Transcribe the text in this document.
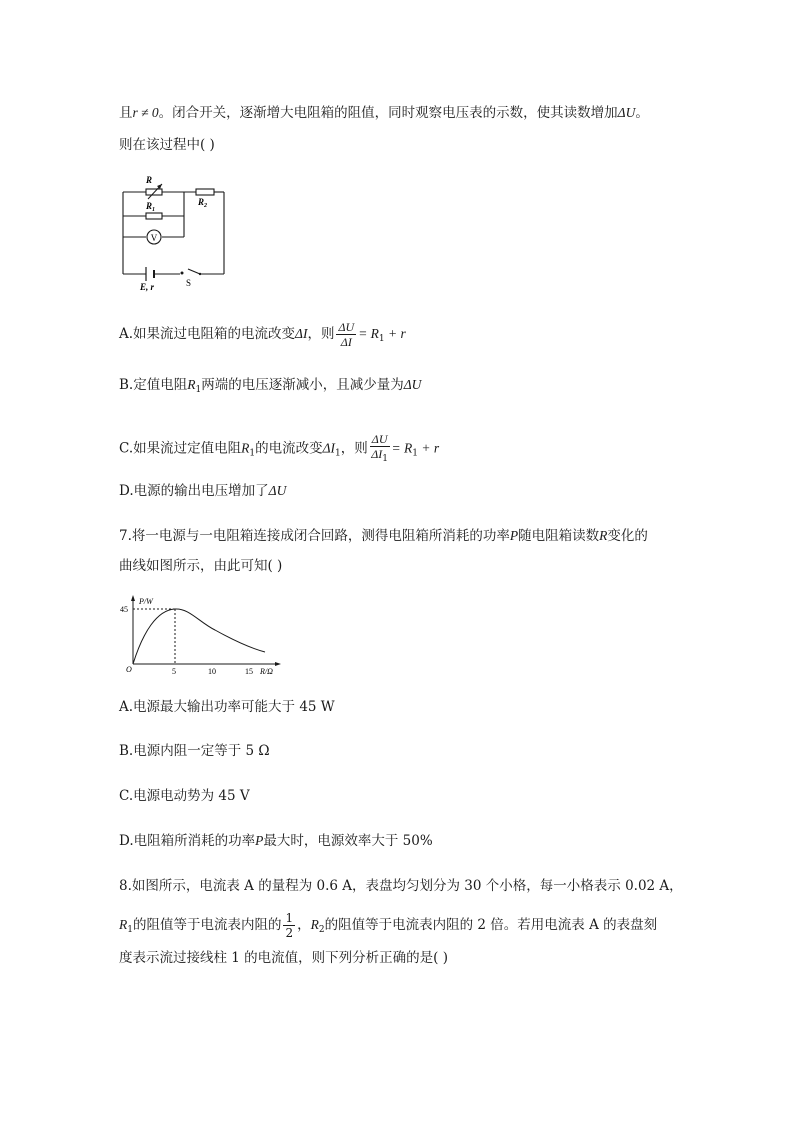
且r ≠ 0。闭合开关，逐渐增大电阻箱的阻值，同时观察电压表的示数，使其读数增加ΔU。
则在该过程中( )
V
R
$R_1$
$R_2$
E, r	S
A.如果流过电阻箱的电流改变ΔI，则 $\frac{\Delta U}{\Delta I} = R_1 + r$
B.定值电阻$R_1$两端的电压逐渐减小，且减少量为ΔU
C.如果流过定值电阻$R_1$的电流改变$\Delta I_1$，则 $\frac{\Delta U}{\Delta I_1} = R_1 + r$
D.电源的输出电压增加了ΔU
7.将一电源与一电阻箱连接成闭合回路，测得电阻箱所消耗的功率P随电阻箱读数R变化的
曲线如图所示，由此可知( )
P/W
45
O	5	10	15 R/Ω
A.电源最大输出功率可能大于 45 W
B.电源内阻一定等于 5 Ω
C.电源电动势为 45 V
D.电阻箱所消耗的功率P最大时，电源效率大于 50%
8.如图所示，电流表 A 的量程为 0.6 A，表盘均匀划分为 30 个小格，每一小格表示 0.02 A，
$R_1$的阻值等于电流表内阻的 $\frac{1}{2}$ ，$R_2$的阻值等于电流表内阻的 2 倍。若用电流表 A 的表盘刻
度表示流过接线柱 1 的电流值，则下列分析正确的是( )
